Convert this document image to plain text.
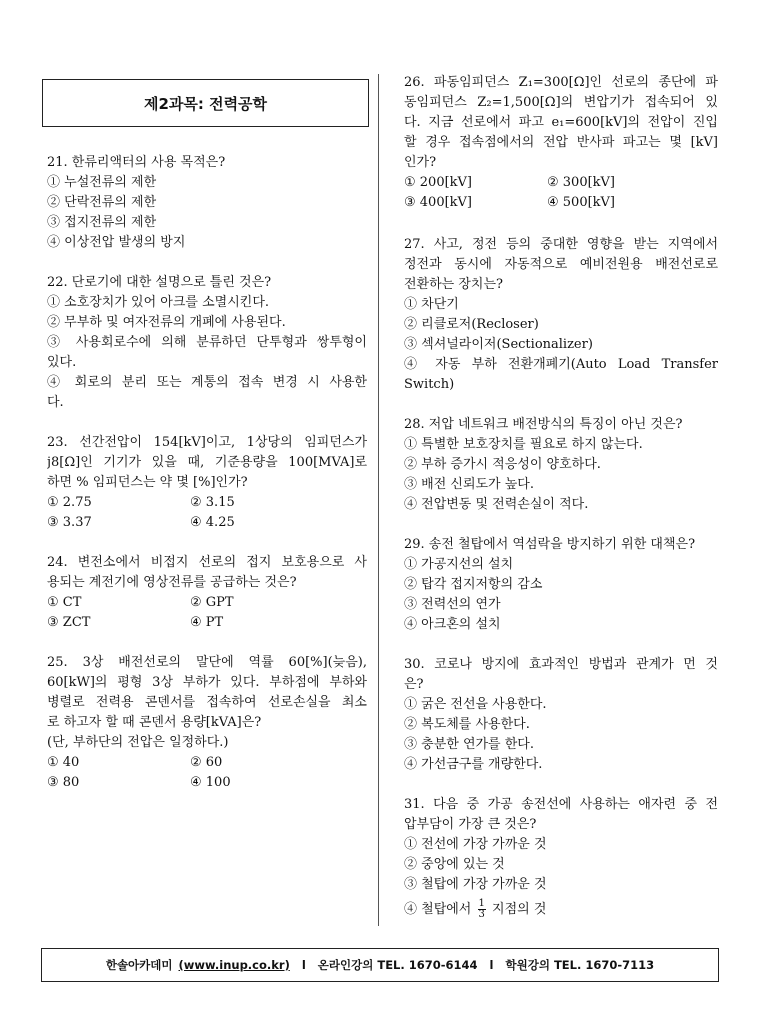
제2과목: 전력공학
21. 한류리액터의 사용 목적은?
① 누설전류의 제한
② 단락전류의 제한
③ 접지전류의 제한
④ 이상전압 발생의 방지
22. 단로기에 대한 설명으로 틀린 것은?
① 소호장치가 있어 아크를 소멸시킨다.
② 무부하 및 여자전류의 개폐에 사용된다.
③ 사용회로수에 의해 분류하던 단투형과 쌍투형이
있다.
④ 회로의 분리 또는 계통의 접속 변경 시 사용한
다.
23. 선간전압이 154[kV]이고, 1상당의 임피던스가
j8[Ω]인 기기가 있을 때, 기준용량을 100[MVA]로
하면 % 임피던스는 약 몇 [%]인가?
① 2.75	② 3.15
③ 3.37	④ 4.25
24. 변전소에서 비접지 선로의 접지 보호용으로 사
용되는 계전기에 영상전류를 공급하는 것은?
① CT	② GPT
③ ZCT	④ PT
25. 3상 배전선로의 말단에 역률 60[%](늦음),
60[kW]의 평형 3상 부하가 있다. 부하점에 부하와
병렬로 전력용 콘덴서를 접속하여 선로손실을 최소
로 하고자 할 때 콘덴서 용량[kVA]은?
(단, 부하단의 전압은 일정하다.)
① 40	② 60
③ 80	④ 100
26. 파동임피던스 Z₁=300[Ω]인 선로의 종단에 파
동임피던스 Z₂=1,500[Ω]의 변압기가 접속되어 있
다. 지금 선로에서 파고 e₁=600[kV]의 전압이 진입
할 경우 접속점에서의 전압 반사파 파고는 몇 [kV]
인가?
① 200[kV]	② 300[kV]
③ 400[kV]	④ 500[kV]
27. 사고, 정전 등의 중대한 영향을 받는 지역에서
정전과 동시에 자동적으로 예비전원용 배전선로로
전환하는 장치는?
① 차단기
② 리클로저(Recloser)
③ 섹셔널라이저(Sectionalizer)
④ 자동 부하 전환개폐기(Auto Load Transfer
Switch)
28. 저압 네트워크 배전방식의 특징이 아닌 것은?
① 특별한 보호장치를 필요로 하지 않는다.
② 부하 증가시 적응성이 양호하다.
③ 배전 신뢰도가 높다.
④ 전압변동 및 전력손실이 적다.
29. 송전 철탑에서 역섬락을 방지하기 위한 대책은?
① 가공지선의 설치
② 탑각 접지저항의 감소
③ 전력선의 연가
④ 아크혼의 설치
30. 코로나 방지에 효과적인 방법과 관계가 먼 것
은?
① 굵은 전선을 사용한다.
② 복도체를 사용한다.
③ 충분한 연가를 한다.
④ 가선금구를 개량한다.
31. 다음 중 가공 송전선에 사용하는 애자련 중 전
압부담이 가장 큰 것은?
① 전선에 가장 가까운 것
② 중앙에 있는 것
③ 철탑에 가장 가까운 것
④ 철탑에서 $\frac{1}{3}$ 지점의 것
한솔아카데미 (www.inup.co.kr) l 온라인강의 TEL. 1670-6144 l 학원강의 TEL. 1670-7113
